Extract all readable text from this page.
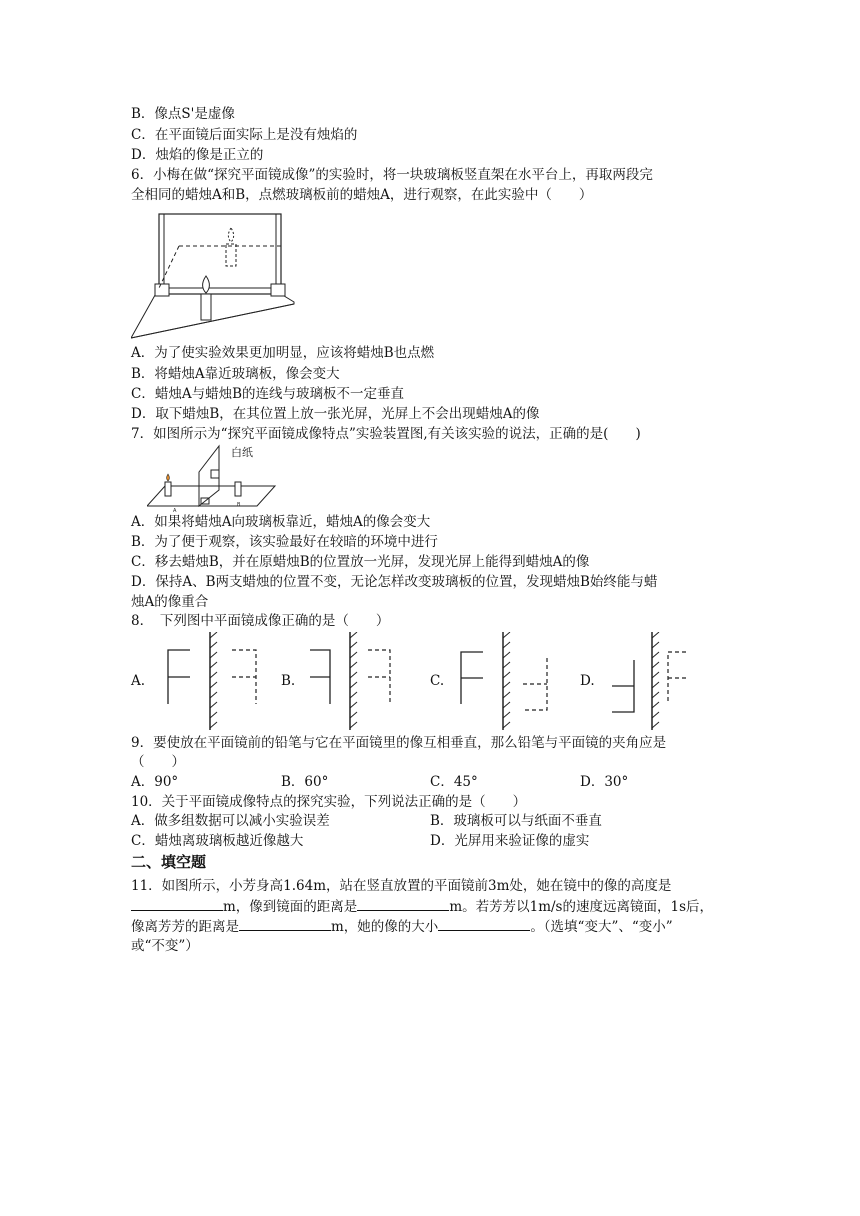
B．像点S'是虚像
C．在平面镜后面实际上是没有烛焰的
D．烛焰的像是正立的
6．小梅在做“探究平面镜成像”的实验时，将一块玻璃板竖直架在水平台上，再取两段完
全相同的蜡烛A和B，点燃玻璃板前的蜡烛A，进行观察，在此实验中（　　）
A．为了使实验效果更加明显，应该将蜡烛B也点燃
B．将蜡烛A靠近玻璃板，像会变大
C．蜡烛A与蜡烛B的连线与玻璃板不一定垂直
D．取下蜡烛B，在其位置上放一张光屏，光屏上不会出现蜡烛A的像
7．如图所示为“探究平面镜成像特点”实验装置图,有关该实验的说法，正确的是(　　)
A
B
白纸
A．如果将蜡烛A向玻璃板靠近，蜡烛A的像会变大
B．为了便于观察，该实验最好在较暗的环境中进行
C．移去蜡烛B，并在原蜡烛B的位置放一光屏，发现光屏上能得到蜡烛A的像
D．保持A、B两支蜡烛的位置不变，无论怎样改变玻璃板的位置，发现蜡烛B始终能与蜡
烛A的像重合
8．　下列图中平面镜成像正确的是（　　）
A.	B.	C.	D.
9．要使放在平面镜前的铅笔与它在平面镜里的像互相垂直，那么铅笔与平面镜的夹角应是
（　　）
A．90°	B．60°	C．45°	D．30°
10．关于平面镜成像特点的探究实验，下列说法正确的是（　　）
A．做多组数据可以减小实验误差	B．玻璃板可以与纸面不垂直
C．蜡烛离玻璃板越近像越大	D．光屏用来验证像的虚实
二、填空题
11．如图所示，小芳身高1.64m，站在竖直放置的平面镜前3m处，她在镜中的像的高度是
m，像到镜面的距离是	m。若芳芳以1m/s的速度远离镜面，1s后，
像离芳芳的距离是	m，她的像的大小	。（选填“变大”、“变小”
或“不变”）
